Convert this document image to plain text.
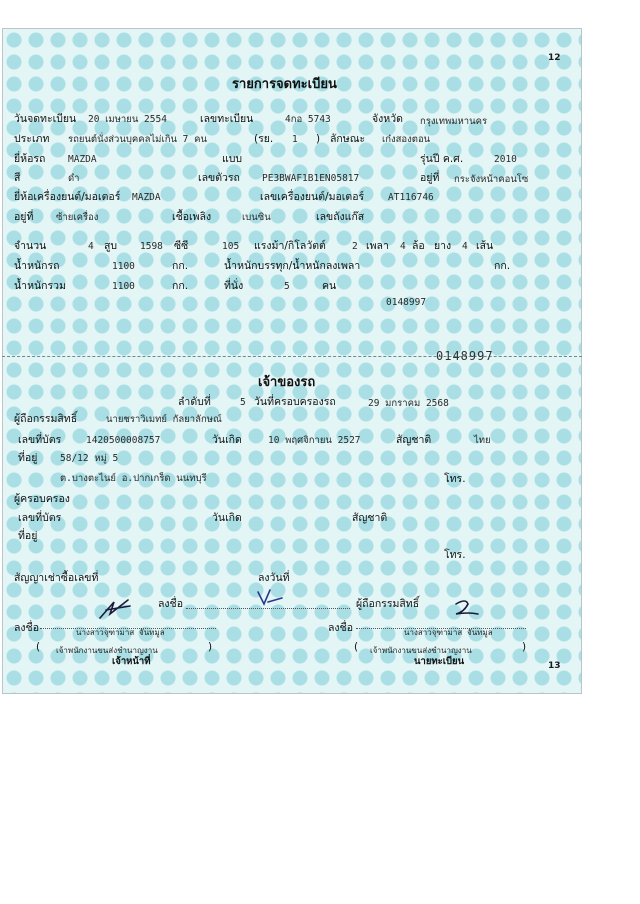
12
13
รายการจดทะเบียน
วันจดทะเบียน 20 เมษายน 2554	เลขทะเบียน	4กอ 5743	จังหวัด กรุงเทพมหานคร
ประเภท รถยนต์นั่งส่วนบุคคลไม่เกิน 7 คน	(รย. 1 ) ลักษณะ เก๋งสองตอน
ยี่ห้อรถ MAZDA	แบบ	รุ่นปี ค.ศ.	2010
สี	ดำ	เลขตัวรถ PE3BWAF1B1EN05817	อยู่ที่ กระจังหน้าคอนโซ
ยี่ห้อเครื่องยนต์/มอเตอร์ MAZDA	เลขเครื่องยนต์/มอเตอร์	AT116746
อยู่ที่ ซ้ายเครื่อง	เชื้อเพลิง	เบนซิน	เลขถังแก๊ส
จำนวน	4 สูบ 1598 ซีซี	105 แรงม้า/กิโลวัตต์	2 เพลา 4 ล้อ ยาง 4 เส้น
น้ำหนักรถ	1100	กก.	น้ำหนักบรรทุก/น้ำหนักลงเพลา	กก.
น้ำหนักรวม	1100	กก.	ที่นั่ง	5	คน
0148997
0148997
เจ้าของรถ
ลำดับที่	5 วันที่ครอบครองรถ	29 มกราคม 2568
ผู้ถือกรรมสิทธิ์	นายชราวิเมทย์ กัลยาลักษณ์
เลขที่บัตร	1420500008757	วันเกิด	10 พฤศจิกายน 2527	สัญชาติ	ไทย
ที่อยู่ 58/12 หมู่ 5
ต.บางตะไนย์ อ.ปากเกร็ด นนทบุรี	โทร.
ผู้ครอบครอง
เลขที่บัตร	วันเกิด	สัญชาติ
ที่อยู่
โทร.
สัญญาเช่าซื้อเลขที่	ลงวันที่
ลงชื่อ	ผู้ถือกรรมสิทธิ์
ลงชื่อ	นางสาวจุฑามาส จันทมูล
( เจ้าพนักงานขนส่งชำนาญงาน	)
เจ้าหน้าที่
ลงชื่อ	นางสาวจุฑามาส จันทมูล
( เจ้าพนักงานขนส่งชำนาญงาน	)
นายทะเบียน
